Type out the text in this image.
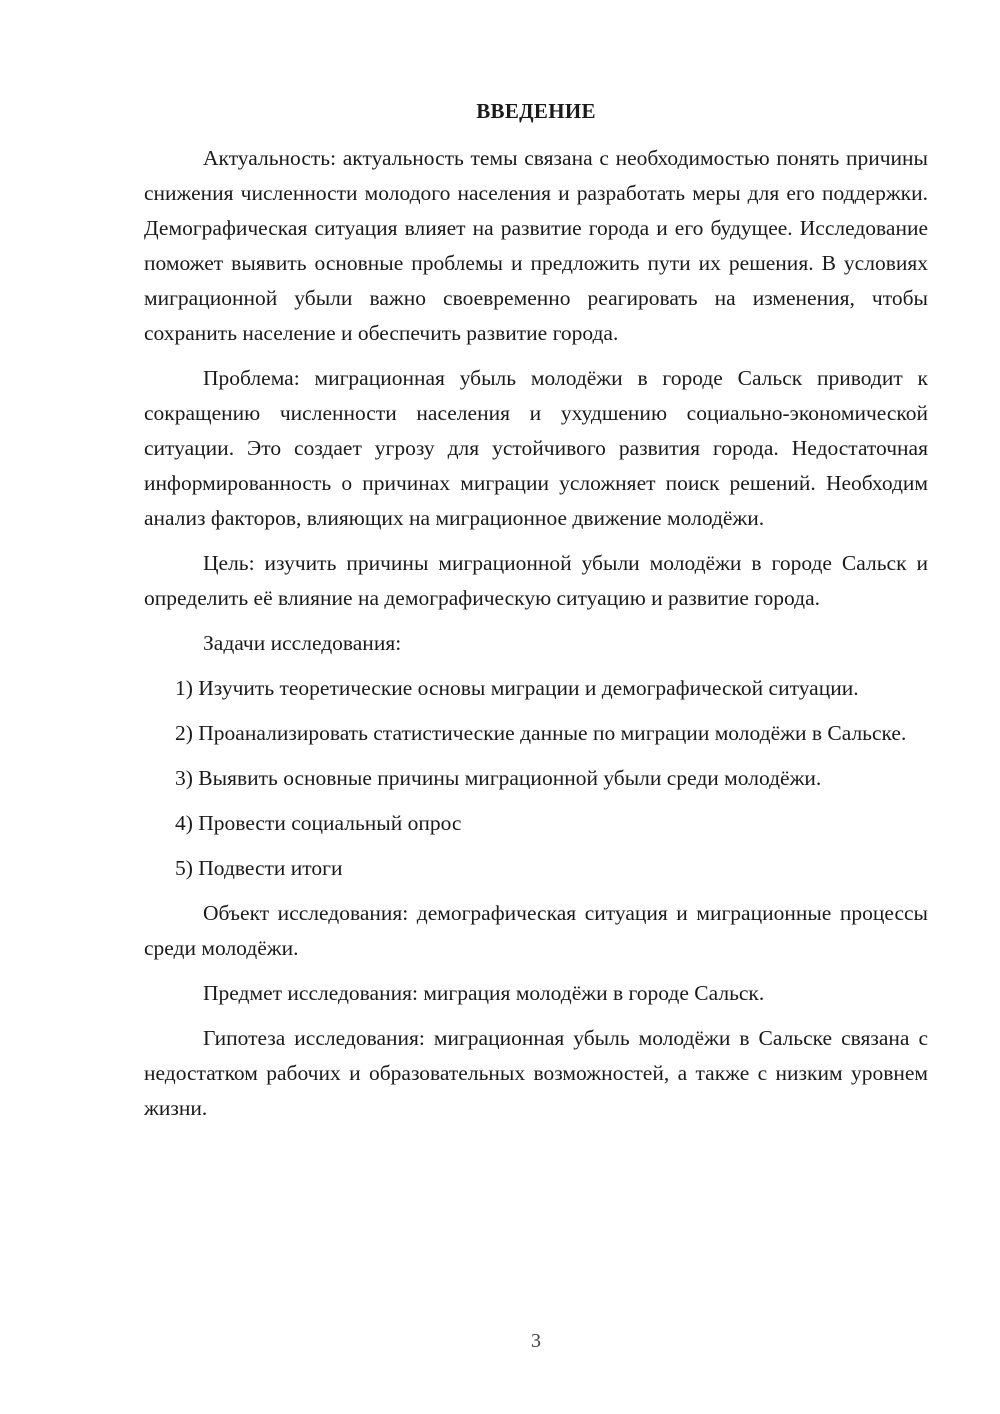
ВВЕДЕНИЕ

Актуальность: актуальность темы связана с необходимостью понять причины снижения численности молодого населения и разработать меры для его поддержки. Демографическая ситуация влияет на развитие города и его будущее. Исследование поможет выявить основные проблемы и предложить пути их решения. В условиях миграционной убыли важно своевременно реагировать на изменения, чтобы сохранить население и обеспечить развитие города.

Проблема: миграционная убыль молодёжи в городе Сальск приводит к сокращению численности населения и ухудшению социально-экономической ситуации. Это создает угрозу для устойчивого развития города. Недостаточная информированность о причинах миграции усложняет поиск решений. Необходим анализ факторов, влияющих на миграционное движение молодёжи.

Цель: изучить причины миграционной убыли молодёжи в городе Сальск и определить её влияние на демографическую ситуацию и развитие города.

Задачи исследования:

1) Изучить теоретические основы миграции и демографической ситуации.

2) Проанализировать статистические данные по миграции молодёжи в Сальске.

3) Выявить основные причины миграционной убыли среди молодёжи.

4) Провести социальный опрос

5) Подвести итоги

Объект исследования: демографическая ситуация и миграционные процессы среди молодёжи.

Предмет исследования: миграция молодёжи в городе Сальск.

Гипотеза исследования: миграционная убыль молодёжи в Сальске связана с недостатком рабочих и образовательных возможностей, а также с низким уровнем жизни.

3
